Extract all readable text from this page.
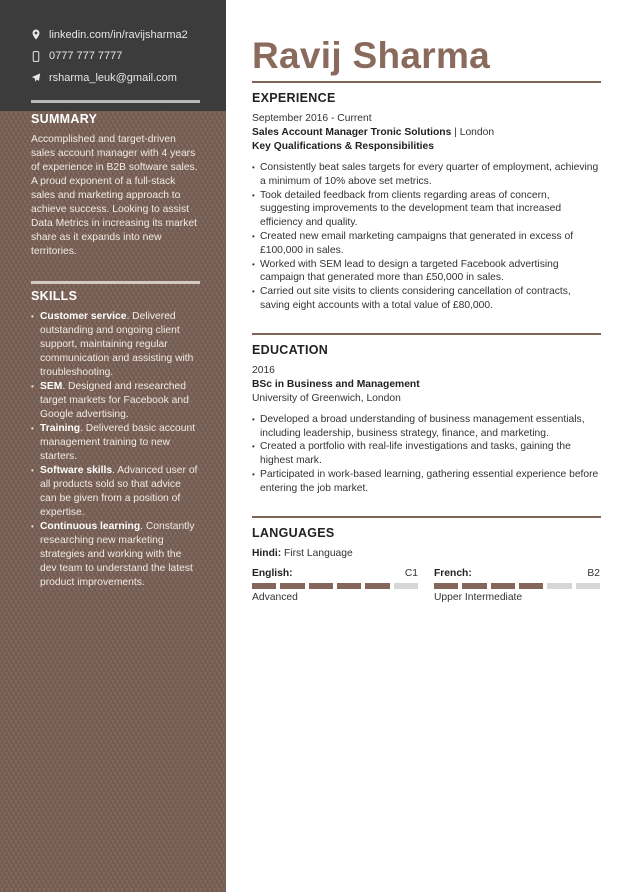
linkedin.com/in/ravijsharma2
0777 777 7777
rsharma_leuk@gmail.com
SUMMARY

Accomplished and target-driven sales account manager with 4 years of experience in B2B software sales. A proud exponent of a full-stack sales and marketing approach to achieve success. Looking to assist Data Metrics in increasing its market share as it expands into new territories.

SKILLS
• Customer service. Delivered outstanding and ongoing client support, maintaining regular communication and assisting with troubleshooting.
• SEM. Designed and researched target markets for Facebook and Google advertising.
• Training. Delivered basic account management training to new starters.
• Software skills. Advanced user of all products sold so that advice can be given from a position of expertise.
• Continuous learning. Constantly researching new marketing strategies and working with the dev team to understand the latest product improvements.
Ravij Sharma
EXPERIENCE
September 2016 - Current
Sales Account Manager Tronic Solutions | London
Key Qualifications & Responsibilities
• Consistently beat sales targets for every quarter of employment, achieving a minimum of 10% above set metrics.
• Took detailed feedback from clients regarding areas of concern, suggesting improvements to the development team that increased efficiency and quality.
• Created new email marketing campaigns that generated in excess of £100,000 in sales.
• Worked with SEM lead to design a targeted Facebook advertising campaign that generated more than £50,000 in sales.
• Carried out site visits to clients considering cancellation of contracts, saving eight accounts with a total value of £80,000.
EDUCATION
2016
BSc in Business and Management
University of Greenwich, London
• Developed a broad understanding of business management essentials, including leadership, business strategy, finance, and marketing.
• Created a portfolio with real-life investigations and tasks, gaining the highest mark.
• Participated in work-based learning, gathering essential experience before entering the job market.
LANGUAGES
Hindi: First Language
English:	C1
Advanced
French:	B2
Upper Intermediate
